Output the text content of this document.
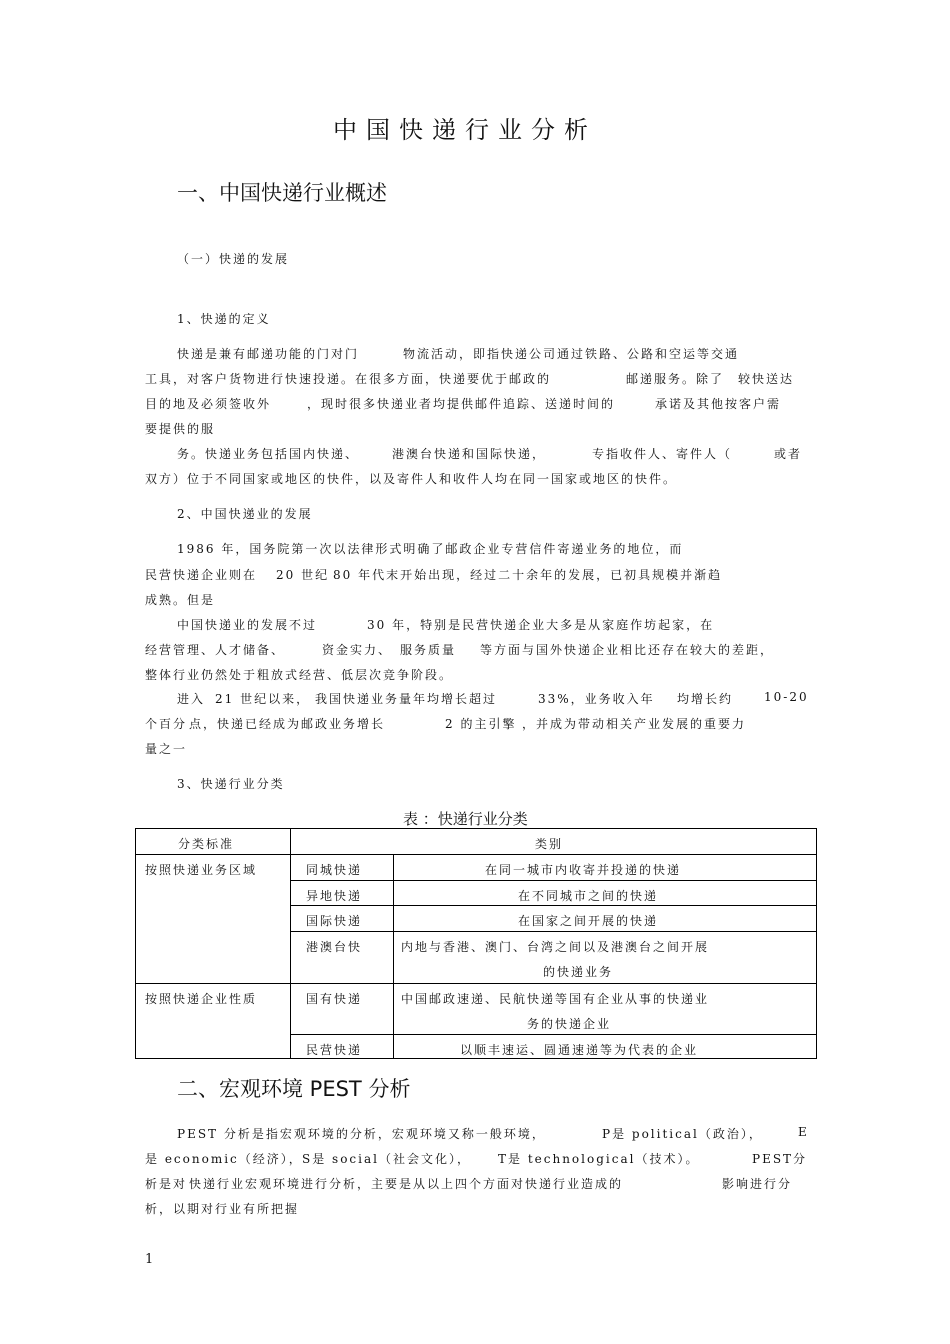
中国快递行业分析
一、中国快递行业概述
（一）快递的发展
1、快递的定义
快递是兼有邮递功能的门对门	物流活动，即指快递公司通过铁路、公路和空运等交通
工具，对客户货物进行快速投递。在很多方面，快递要优于邮政的	邮递服务。除了 较快送达
目的地及必须签收外	，现时很多快递业者均提供邮件追踪、送递时间的	承诺及其他按客户需
要提供的服
务。快递业务包括国内快递、	港澳台快递和国际快递，	专指收件人、寄件人（	或者
双方）位于不同国家或地区的快件，以及寄件人和收件人均在同一国家或地区的快件。
2、中国快递业的发展
1986 年，国务院第一次以法律形式明确了邮政企业专营信件寄递业务的地位，而
民营快递企业则在 20 世纪 80 年代末开始出现，经过二十余年的发展，已初具规模并渐趋
成熟。但是
中国快递业的发展不过	30 年，特别是民营快递企业大多是从家庭作坊起家，在
经营管理、人才储备、	资金实力、 服务质量 等方面与国外快递企业相比还存在较大的差距，
整体行业仍然处于粗放式经营、低层次竞争阶段。
进入 21 世纪以来， 我国快递业务量年均增长超过	33%，业务收入年 均增长约	10-20
个百分 点，快递已经成为邮政业务增长	2 的主引擎 ，并成为带动相关产业发展的重要力
量之一
3、快递行业分类
表 ：快递行业分类
分类标准	类别
按照快递业务区域	同城快递	在同一城市内收寄并投递的快递
异地快递	在不同城市之间的快递
国际快递	在国家之间开展的快递
港澳台快	内地与香港、澳门、台湾之间以及港澳台之间开展
的快递业务
按照快递企业性质	国有快递	中国邮政速递、民航快递等国有企业从事的快递业
务的快递企业
民营快递	以顺丰速运、圆通速递等为代表的企业
二、宏观环境 PEST 分析
PEST 分析是指宏观环境的分析，宏观环境又称一般环境，	P是 political（政治），	E
是 economic（经济）， S是 social（社会文化）， T是 technological（技术）。	PEST分
析是对 快递行业宏观环境进行分析，主要是从以上四个方面对快递行业造成的	影响进行分
析，以期对行业有所把握
1
